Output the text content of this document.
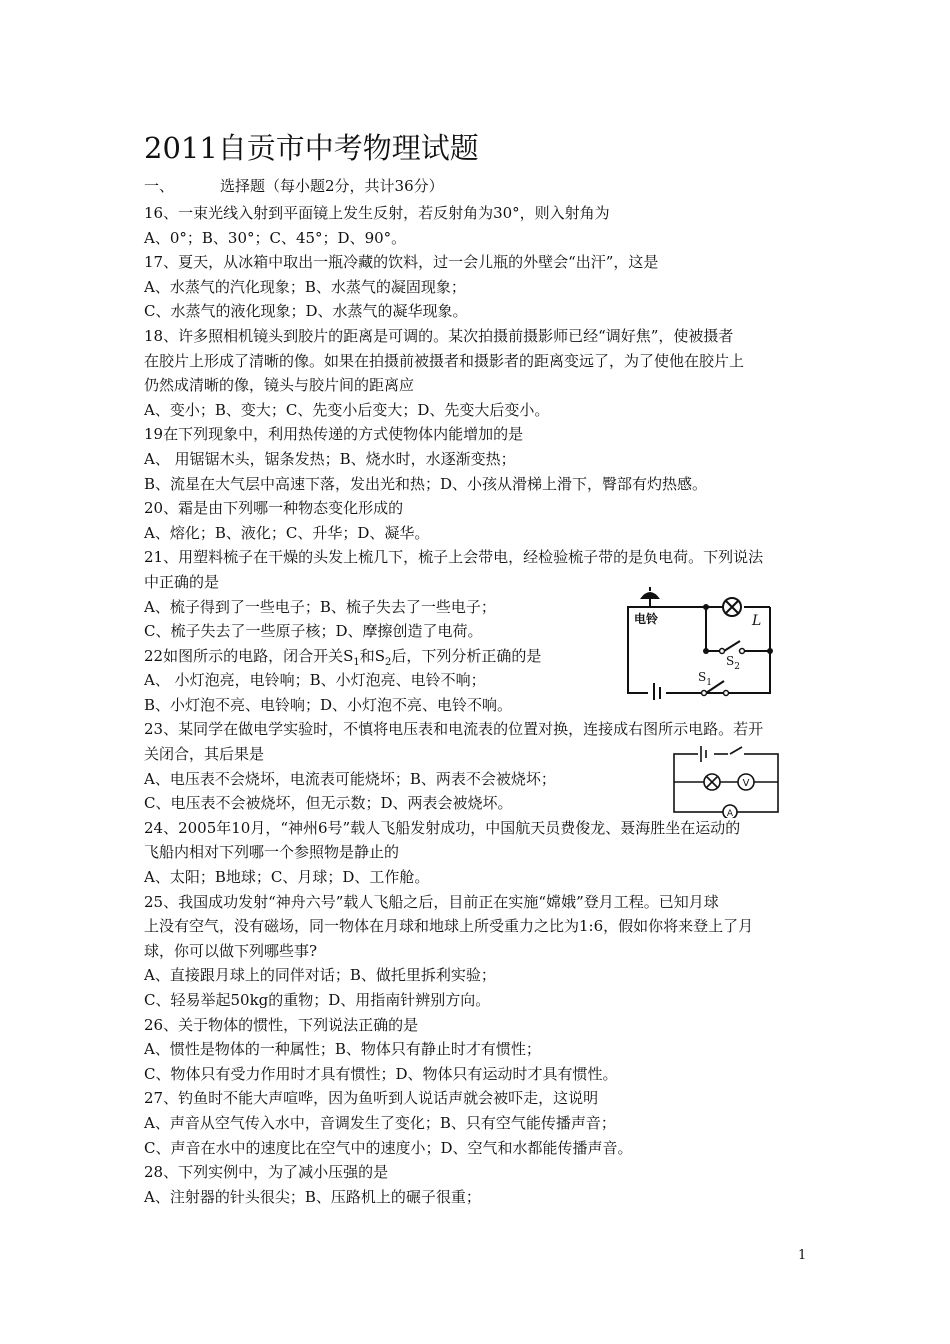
2011自贡市中考物理试题
一、	选择题（每小题2分，共计36分）
16、一束光线入射到平面镜上发生反射，若反射角为30°，则入射角为
A、0°；B、30°；C、45°；D、90°。
17、夏天，从冰箱中取出一瓶冷藏的饮料，过一会儿瓶的外壁会“出汗”，这是
A、水蒸气的汽化现象；B、水蒸气的凝固现象；
C、水蒸气的液化现象；D、水蒸气的凝华现象。
18、许多照相机镜头到胶片的距离是可调的。某次拍摄前摄影师已经“调好焦”，使被摄者
在胶片上形成了清晰的像。如果在拍摄前被摄者和摄影者的距离变远了，为了使他在胶片上
仍然成清晰的像，镜头与胶片间的距离应
A、变小；B、变大；C、先变小后变大；D、先变大后变小。
19在下列现象中，利用热传递的方式使物体内能增加的是
A、 用锯锯木头，锯条发热；B、烧水时，水逐渐变热；
B、流星在大气层中高速下落，发出光和热；D、小孩从滑梯上滑下，臀部有灼热感。
20、霜是由下列哪一种物态变化形成的
A、熔化；B、液化；C、升华；D、凝华。
21、用塑料梳子在干燥的头发上梳几下，梳子上会带电，经检验梳子带的是负电荷。下列说法
中正确的是
A、梳子得到了一些电子；B、梳子失去了一些电子；
C、梳子失去了一些原子核；D、摩擦创造了电荷。
22如图所示的电路，闭合开关$S_1$和$S_2$后，下列分析正确的是
A、 小灯泡亮，电铃响；B、小灯泡亮、电铃不响；
B、小灯泡不亮、电铃响；D、小灯泡不亮、电铃不响。
23、某同学在做电学实验时，不慎将电压表和电流表的位置对换，连接成右图所示电路。若开
关闭合，其后果是
A、电压表不会烧坏，电流表可能烧坏；B、两表不会被烧坏；
C、电压表不会被烧坏，但无示数；D、两表会被烧坏。
24、2005年10月，“神州6号”载人飞船发射成功，中国航天员费俊龙、聂海胜坐在运动的
飞船内相对下列哪一个参照物是静止的
A、太阳；B地球；C、月球；D、工作舱。
25、我国成功发射“神舟六号”载人飞船之后，目前正在实施“嫦娥”登月工程。已知月球
上没有空气，没有磁场，同一物体在月球和地球上所受重力之比为1:6，假如你将来登上了月
球，你可以做下列哪些事?
A、直接跟月球上的同伴对话；B、做托里拆利实验；
C、轻易举起50kg的重物；D、用指南针辨别方向。
26、关于物体的惯性，下列说法正确的是
A、惯性是物体的一种属性；B、物体只有静止时才有惯性；
C、物体只有受力作用时才具有惯性；D、物体只有运动时才具有惯性。
27、钓鱼时不能大声喧哗，因为鱼听到人说话声就会被吓走，这说明
A、声音从空气传入水中，音调发生了变化；B、只有空气能传播声音；
C、声音在水中的速度比在空气中的速度小；D、空气和水都能传播声音。
28、下列实例中，为了减小压强的是
A、注射器的针头很尖；B、压路机上的碾子很重；
电铃	L
$S_2$
$S_1$
V
A
1
